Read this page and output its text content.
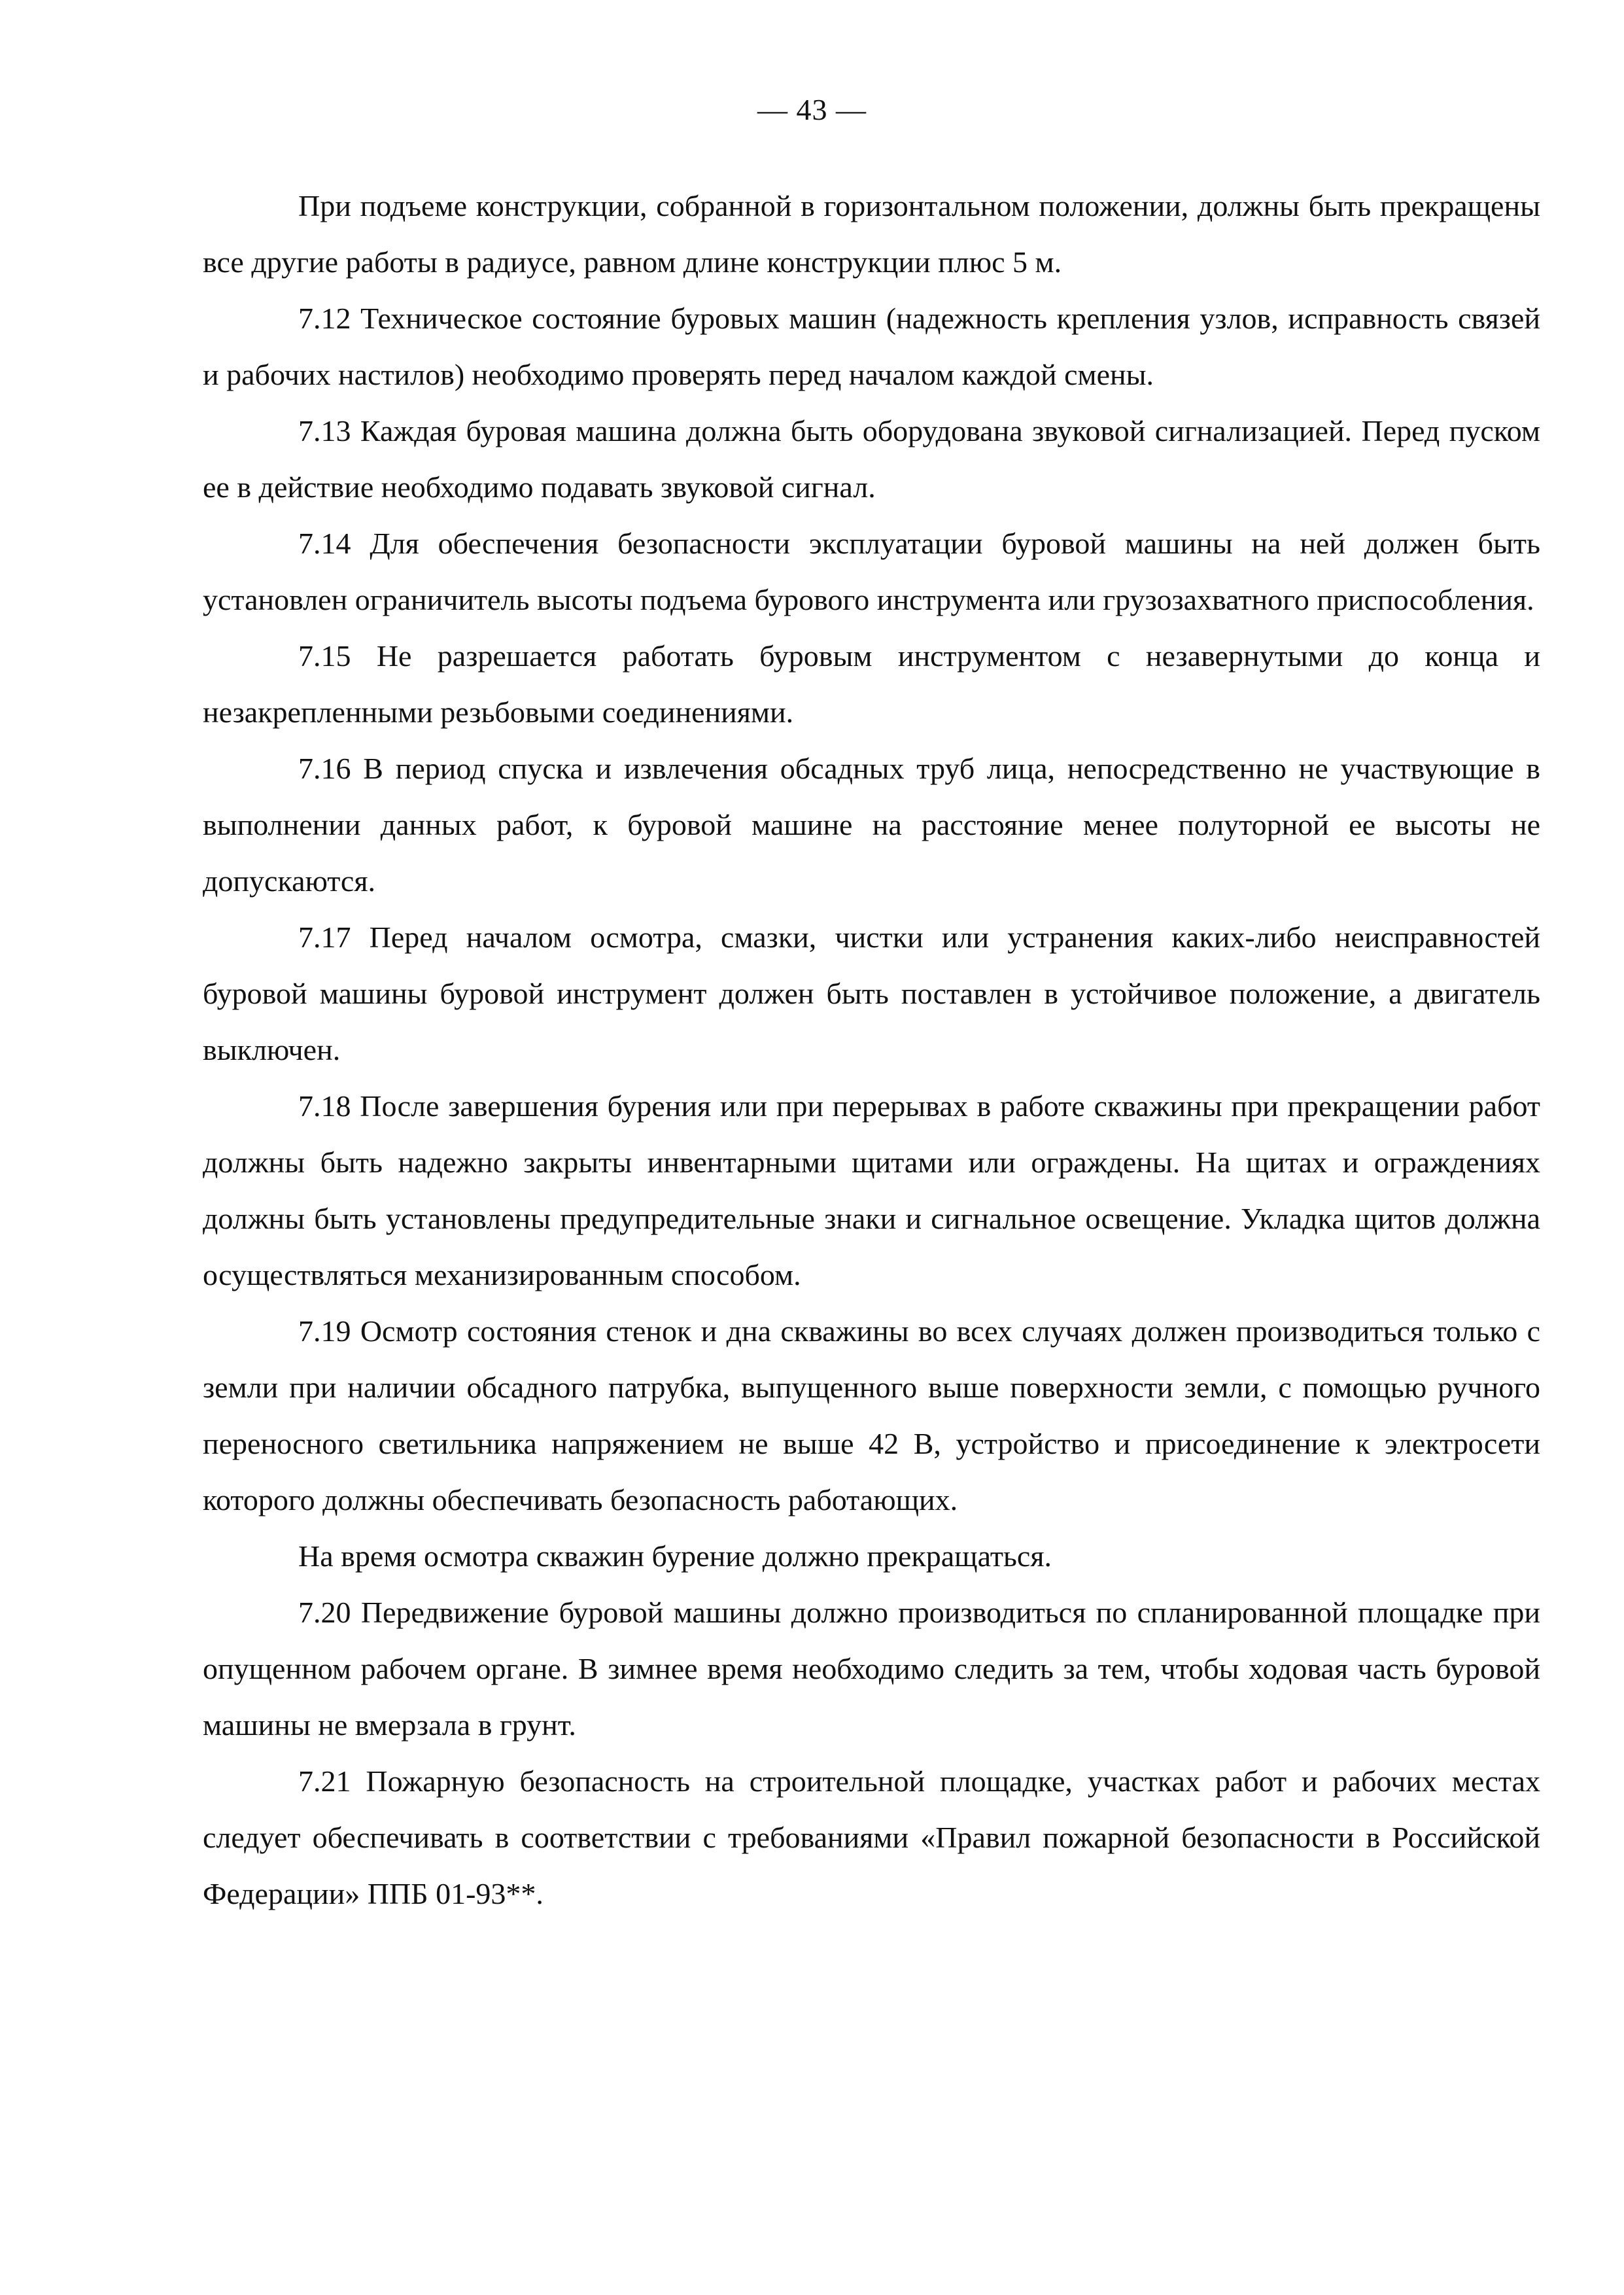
— 43 —

При подъеме конструкции, собранной в горизонтальном положении, должны быть прекращены все другие работы в радиусе, равном длине конструкции плюс 5 м.

7.12 Техническое состояние буровых машин (надежность крепления узлов, исправность связей и рабочих настилов) необходимо проверять перед началом каждой смены.

7.13 Каждая буровая машина должна быть оборудована звуковой сигнализацией. Перед пуском ее в действие необходимо подавать звуковой сигнал.

7.14 Для обеспечения безопасности эксплуатации буровой машины на ней должен быть установлен ограничитель высоты подъема бурового инструмента или грузозахватного приспособления.

7.15 Не разрешается работать буровым инструментом с незавернутыми до конца и незакрепленными резьбовыми соединениями.

7.16 В период спуска и извлечения обсадных труб лица, непосредственно не участвующие в выполнении данных работ, к буровой машине на расстояние менее полуторной ее высоты не допускаются.

7.17 Перед началом осмотра, смазки, чистки или устранения каких-либо неисправностей буровой машины буровой инструмент должен быть поставлен в устойчивое положение, а двигатель выключен.

7.18 После завершения бурения или при перерывах в работе скважины при прекращении работ должны быть надежно закрыты инвентарными щитами или ограждены. На щитах и ограждениях должны быть установлены предупредительные знаки и сигнальное освещение. Укладка щитов должна осуществляться механизированным способом.

7.19 Осмотр состояния стенок и дна скважины во всех случаях должен производиться только с земли при наличии обсадного патрубка, выпущенного выше поверхности земли, с помощью ручного переносного светильника напряжением не выше 42 В, устройство и присоединение к электросети которого должны обеспечивать безопасность работающих.

На время осмотра скважин бурение должно прекращаться.

7.20 Передвижение буровой машины должно производиться по спланированной площадке при опущенном рабочем органе. В зимнее время необходимо следить за тем, чтобы ходовая часть буровой машины не вмерзала в грунт.

7.21 Пожарную безопасность на строительной площадке, участках работ и рабочих местах следует обеспечивать в соответствии с требованиями «Правил пожарной безопасности в Российской Федерации» ППБ 01-93**.
